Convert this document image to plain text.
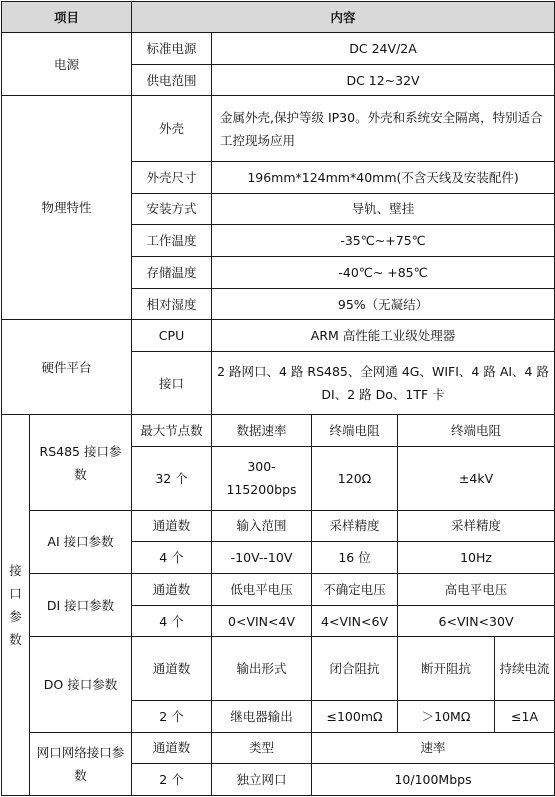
项目		内容				
电源		标准电源	DC 24V/2A			
		供电范围	DC 12~32V			
物理特性		外壳	金属外壳,保护等级 IP30。外壳和系统安全隔离，特别适合工控现场应用			
		外壳尺寸	196mm*124mm*40mm(不含天线及安装配件)			
		安装方式	导轨、壁挂			
		工作温度	-35℃~+75℃			
		存储温度	-40℃~ +85℃			
		相对湿度	95%（无凝结）			
硬件平台		CPU	ARM 高性能工业级处理器			
		接口	2 路网口、4 路 RS485、全网通 4G、WIFI、4 路 AI、4 路 DI、2 路 Do、1TF 卡			

接
口
参
数	RS485 接口参数	最大节点数	数据速率	终端电阻	终端电阻	
		32 个	300-115200bps	120Ω	±4kV	
	AI 接口参数	通道数	输入范围	采样精度	采样精度	
		4 个	-10V--10V	16 位	10Hz	
	DI 接口参数	通道数	低电平电压	不确定电压	高电平电压	
		4 个	0<VIN<4V	4<VIN<6V	6<VIN<30V	
	DO 接口参数	通道数	输出形式	闭合阻抗	断开阻抗	持续电流
		2 个	继电器输出	≤100mΩ	＞10MΩ	≤1A
	网口网络接口参数	通道数	类型	速率		
		2 个	独立网口	10/100Mbps		
